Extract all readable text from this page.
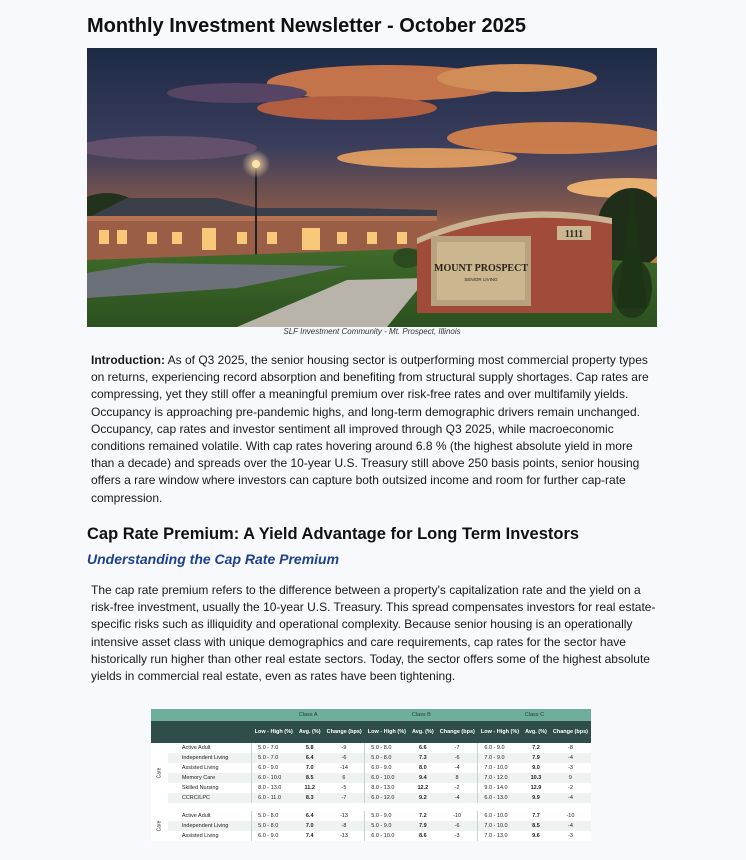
Monthly Investment Newsletter - October 2025
1111
MOUNT PROSPECT
SENIOR LIVING
SLF Investment Community - Mt. Prospect, Illinois

Introduction: As of Q3 2025, the senior housing sector is outperforming most commercial property types on returns, experiencing record absorption and benefiting from structural supply shortages. Cap rates are compressing, yet they still offer a meaningful premium over risk-free rates and over multifamily yields. Occupancy is approaching pre-pandemic highs, and long-term demographic drivers remain unchanged. Occupancy, cap rates and investor sentiment all improved through Q3 2025, while macroeconomic conditions remained volatile. With cap rates hovering around 6.8 % (the highest absolute yield in more than a decade) and spreads over the 10-year U.S. Treasury still above 250 basis points, senior housing offers a rare window where investors can capture both outsized income and room for further cap-rate compression.

Cap Rate Premium: A Yield Advantage for Long Term Investors
Understanding the Cap Rate Premium

The cap rate premium refers to the difference between a property's capitalization rate and the yield on a risk-free investment, usually the 10-year U.S. Treasury. This spread compensates investors for real estate-specific risks such as illiquidity and operational complexity. Because senior housing is an operationally intensive asset class with unique demographics and care requirements, cap rates for the sector have historically run higher than other real estate sectors. Today, the sector offers some of the highest absolute yields in commercial real estate, even as rates have been tightening.

		Class A			Class B			Class C		
		Low - High (%)	Avg. (%)	Change (bps)	Low - High (%)	Avg. (%)	Change (bps)	Low - High (%)	Avg. (%)	Change (bps)
Care	Active Adult	5.0 - 7.0	5.8	-9	5.0 - 8.0	6.6	-7	6.0 - 9.0	7.2	-8
	Independent Living	5.0 - 7.0	6.4	-6	5.0 - 8.0	7.3	-6	7.0 - 9.0	7.9	-4
	Assisted Living	6.0 - 9.0	7.0	-14	6.0 - 9.0	8.0	-4	7.0 - 10.0	9.0	-3
	Memory Care	6.0 - 10.0	8.5	6	6.0 - 10.0	9.4	8	7.0 - 12.0	10.3	9
	Skilled Nursing	8.0 - 13.0	11.2	-5	8.0 - 13.0	12.2	-2	9.0 - 14.0	12.9	-2
	CCRC/LPC	6.0 - 11.0	8.3	-7	6.0 - 12.0	9.2	-4	6.0 - 13.0	9.9	-4

Care	Active Adult	5.0 - 8.0	6.4	-13	5.0 - 9.0	7.2	-10	6.0 - 10.0	7.7	-10
	Independent Living	5.0 - 8.0	7.0	-8	5.0 - 9.0	7.9	-6	7.0 - 10.0	8.5	-4
	Assisted Living	6.0 - 9.0	7.4	-13	6.0 - 10.0	8.6	-3	7.0 - 13.0	9.6	-3
